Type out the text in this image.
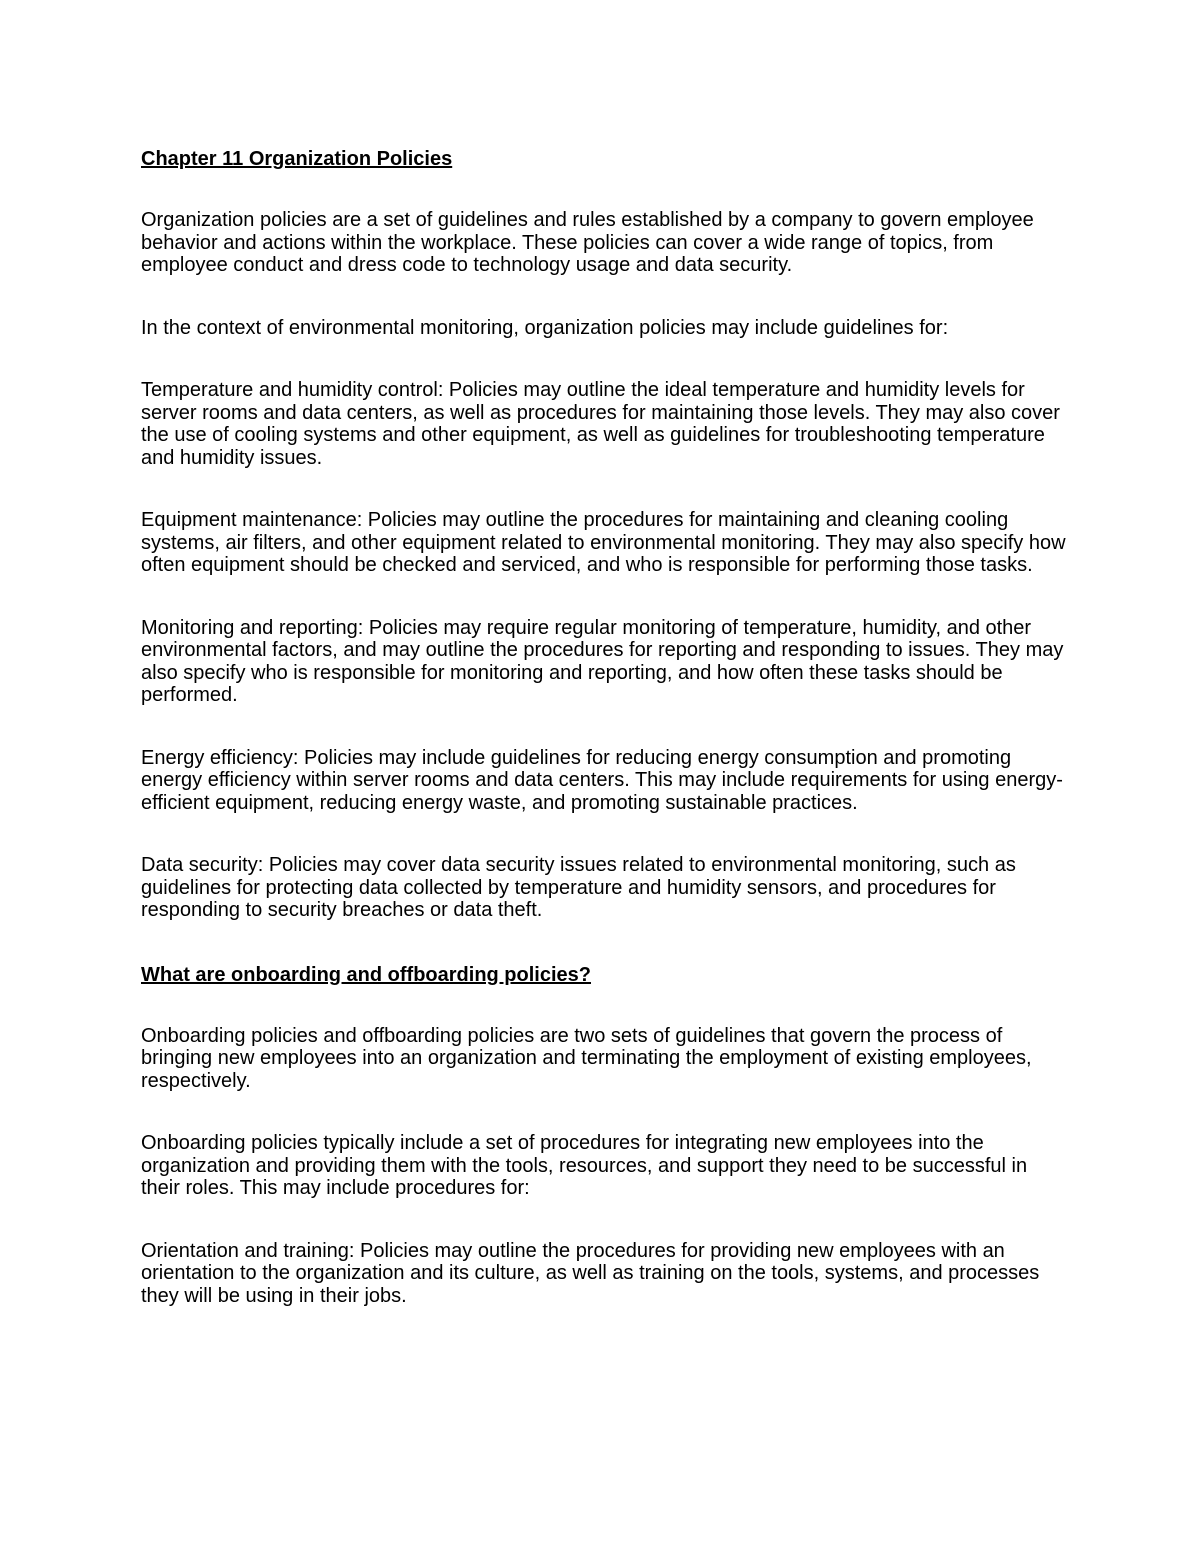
Chapter 11 Organization Policies

Organization policies are a set of guidelines and rules established by a company to govern employee behavior and actions within the workplace. These policies can cover a wide range of topics, from employee conduct and dress code to technology usage and data security.

In the context of environmental monitoring, organization policies may include guidelines for:

Temperature and humidity control: Policies may outline the ideal temperature and humidity levels for server rooms and data centers, as well as procedures for maintaining those levels. They may also cover the use of cooling systems and other equipment, as well as guidelines for troubleshooting temperature and humidity issues.

Equipment maintenance: Policies may outline the procedures for maintaining and cleaning cooling systems, air filters, and other equipment related to environmental monitoring. They may also specify how often equipment should be checked and serviced, and who is responsible for performing those tasks.

Monitoring and reporting: Policies may require regular monitoring of temperature, humidity, and other environmental factors, and may outline the procedures for reporting and responding to issues. They may also specify who is responsible for monitoring and reporting, and how often these tasks should be performed.

Energy efficiency: Policies may include guidelines for reducing energy consumption and promoting energy efficiency within server rooms and data centers. This may include requirements for using energy-efficient equipment, reducing energy waste, and promoting sustainable practices.

Data security: Policies may cover data security issues related to environmental monitoring, such as guidelines for protecting data collected by temperature and humidity sensors, and procedures for responding to security breaches or data theft.

What are onboarding and offboarding policies?

Onboarding policies and offboarding policies are two sets of guidelines that govern the process of bringing new employees into an organization and terminating the employment of existing employees, respectively.

Onboarding policies typically include a set of procedures for integrating new employees into the organization and providing them with the tools, resources, and support they need to be successful in their roles. This may include procedures for:

Orientation and training: Policies may outline the procedures for providing new employees with an orientation to the organization and its culture, as well as training on the tools, systems, and processes they will be using in their jobs.
